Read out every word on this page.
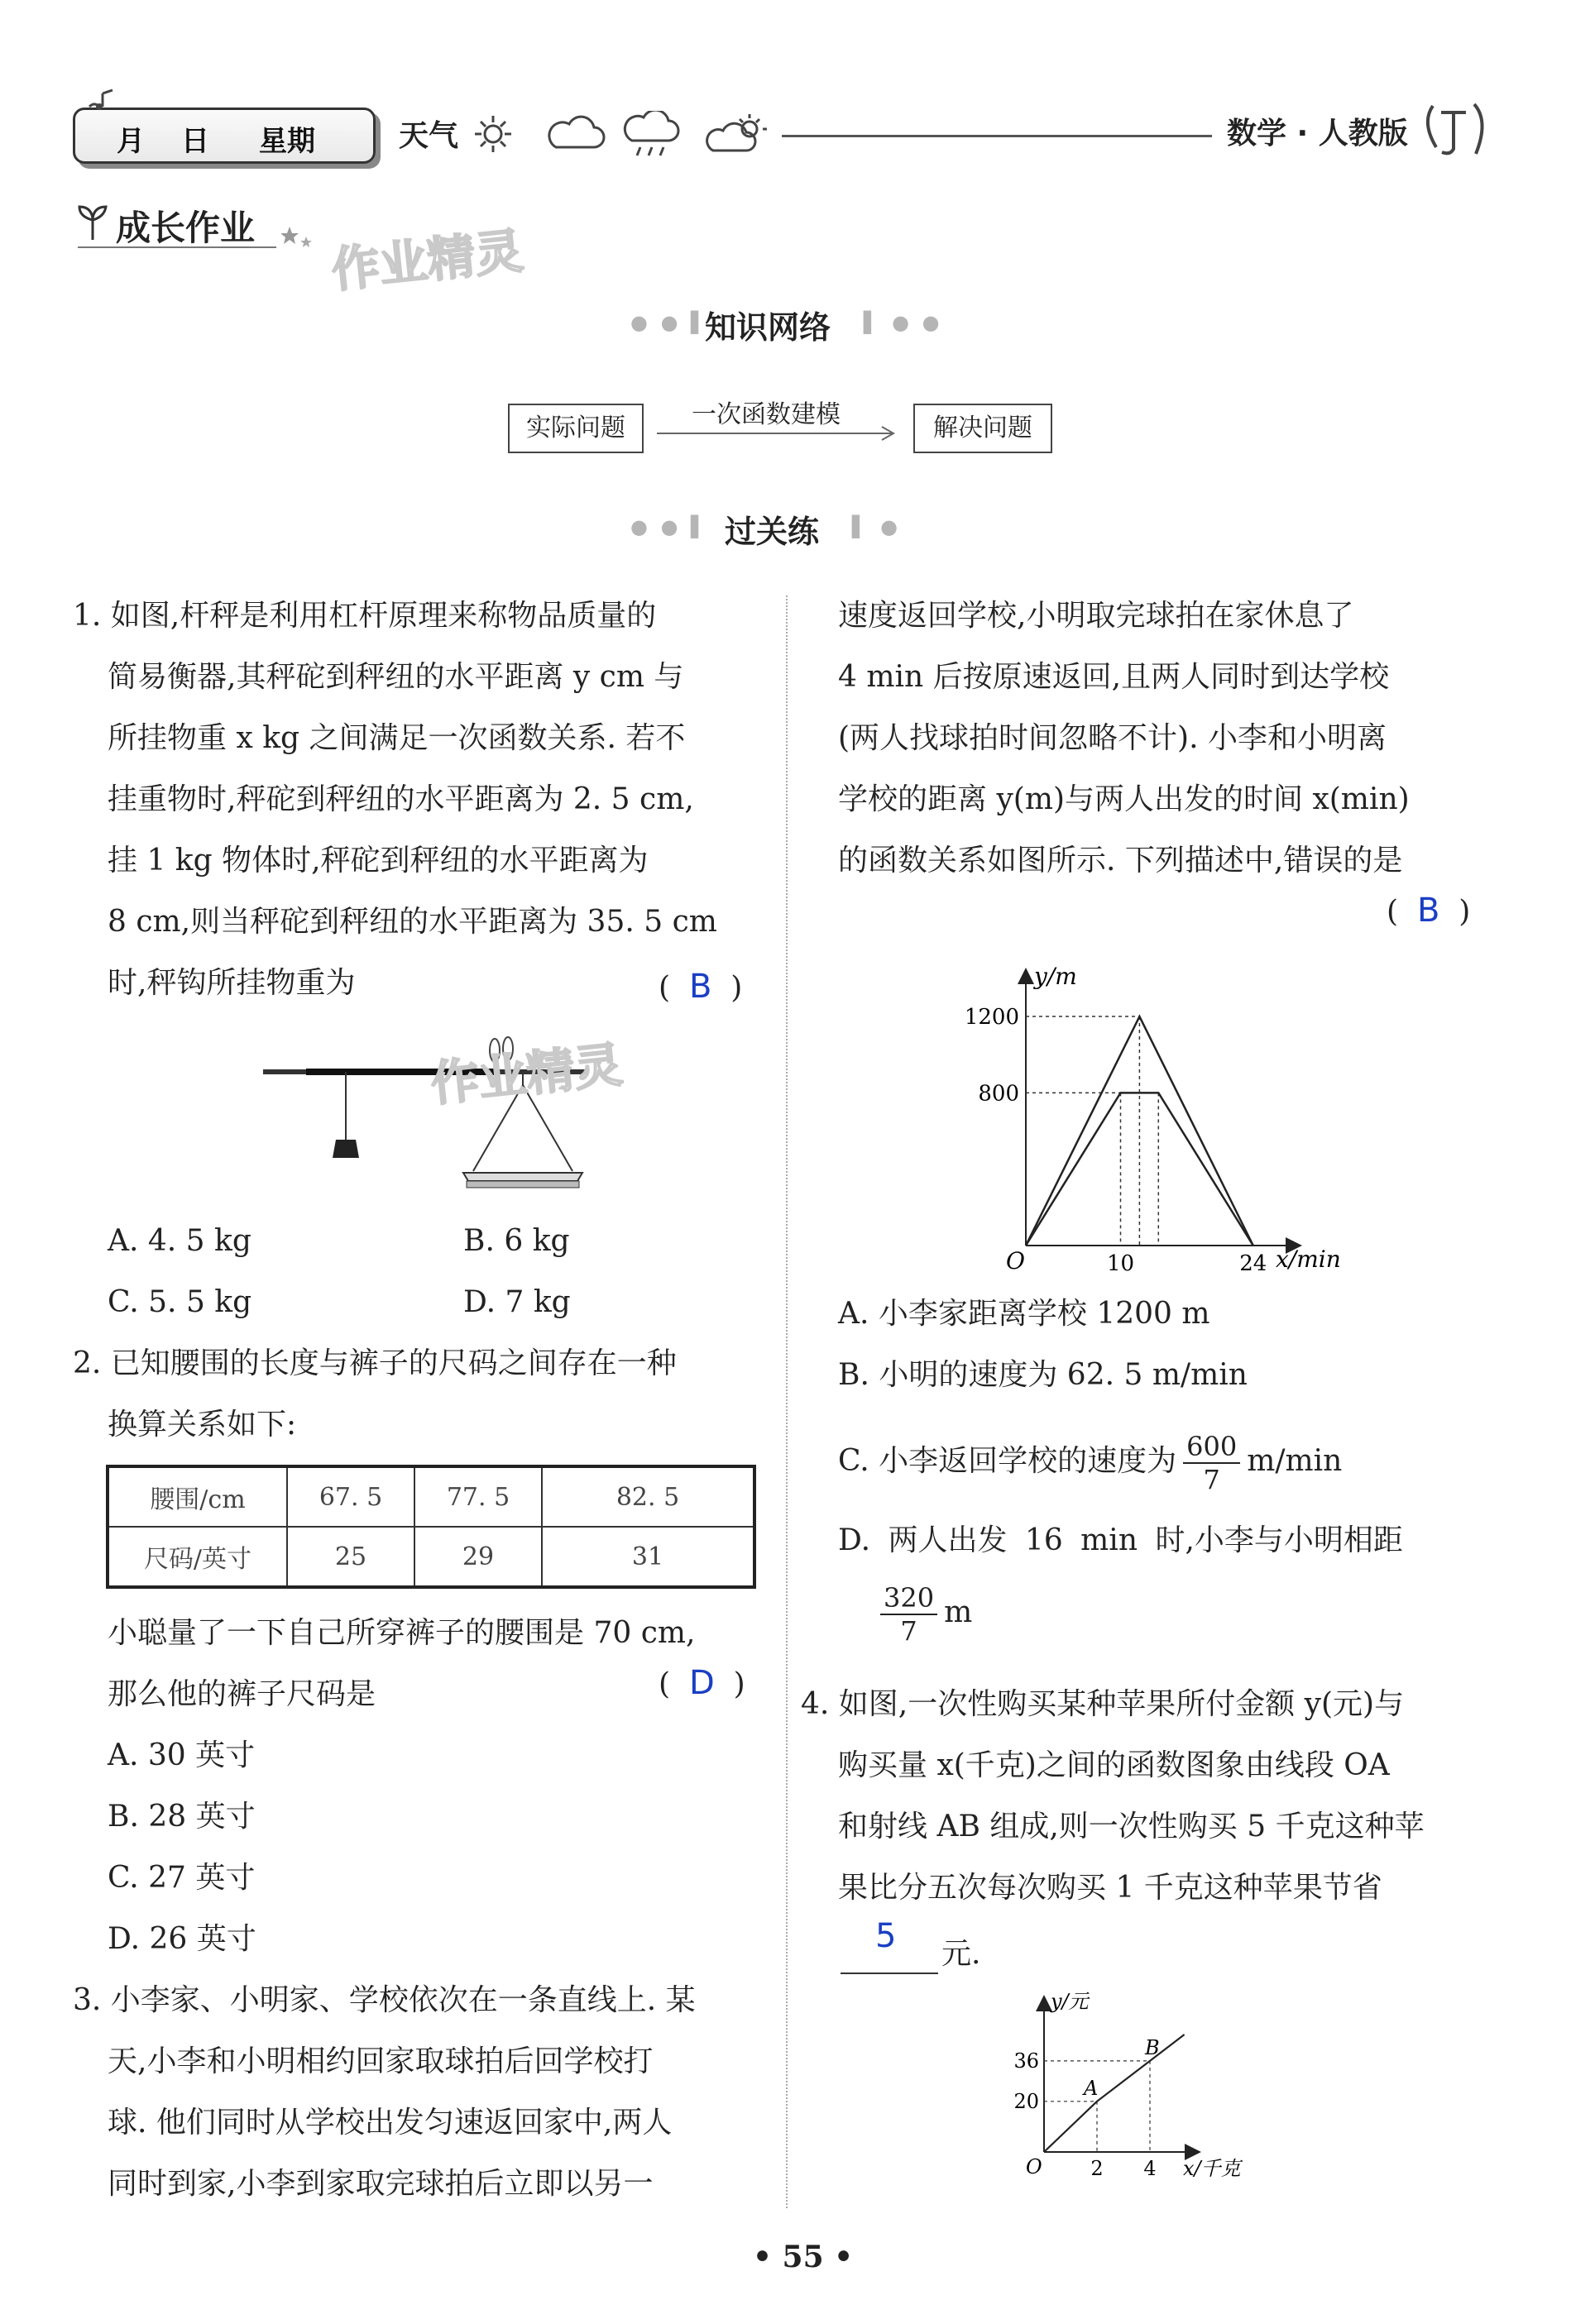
月 日 星期	天气	数学 · 人教版
成长作业 作业精灵
● ● ▌
知识网络 ▌ ● ●
实际问题	一次函数建模	解决问题
● ● ▌ 过关练 ▌ ●
1. 如图,杆秤是利用杠杆原理来称物品质量的
简易衡器,其秤砣到秤纽的水平距离 y cm 与
所挂物重 x kg 之间满足一次函数关系. 若不
挂重物时,秤砣到秤纽的水平距离为 2. 5 cm,
挂 1 kg 物体时,秤砣到秤纽的水平距离为
8 cm,则当秤砣到秤纽的水平距离为 35. 5 cm
时,秤钩所挂物重为	(  B  )
作业精灵
A. 4. 5 kg	B. 6 kg
C. 5. 5 kg	D. 7 kg
2. 已知腰围的长度与裤子的尺码之间存在一种
换算关系如下:
腰围/cm	67. 5	77. 5	82. 5
尺码/英寸	25	29	31
小聪量了一下自己所穿裤子的腰围是 70 cm,
那么他的裤子尺码是	(  D  )
A. 30 英寸
B. 28 英寸
C. 27 英寸
D. 26 英寸
3. 小李家、小明家、学校依次在一条直线上. 某
天,小李和小明相约回家取球拍后回学校打
球. 他们同时从学校出发匀速返回家中,两人
同时到家,小李到家取完球拍后立即以另一
速度返回学校,小明取完球拍在家休息了
4 min 后按原速返回,且两人同时到达学校
(两人找球拍时间忽略不计). 小李和小明离
学校的距离 y(m)与两人出发的时间 x(min)
的函数关系如图所示. 下列描述中,错误的是
(  B  )
y/m
x/min
O
1200
800
10	24
A. 小李家距离学校 1200 m
B. 小明的速度为 62. 5 m/min
C. 小李返回学校的速度为 $\frac{600}{7} m/\min$
D. 两人出发 16 min 时,小李与小明相距
$\frac{320}{7}$ m
4. 如图,一次性购买某种苹果所付金额 y(元)与
购买量 x(千克)之间的函数图象由线段 OA
和射线 AB 组成,则一次性购买 5 千克这种苹
果比分五次每次购买 1 千克这种苹果节省
5 元.
y/元
x/千克
O
36
20
2 4
A
B
• 55 •
